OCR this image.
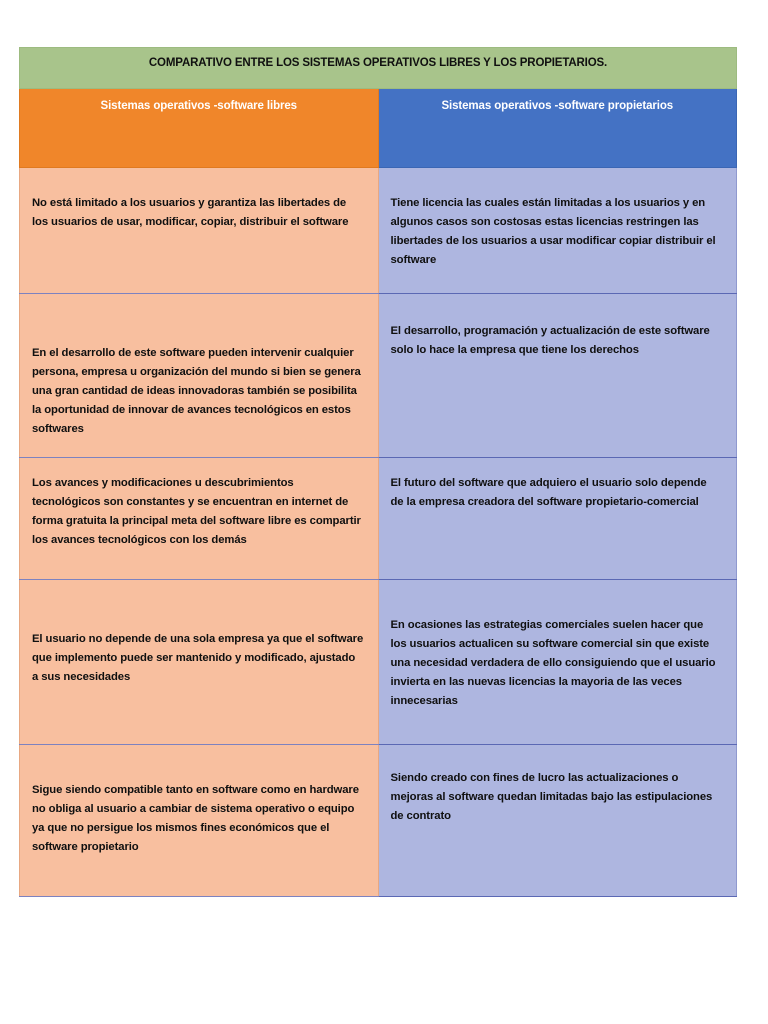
COMPARATIVO ENTRE LOS SISTEMAS OPERATIVOS LIBRES Y LOS PROPIETARIOS.	

Sistemas operativos -software libres	Sistemas operativos -software propietarios

No está limitado a los usuarios y garantiza las libertades de los usuarios de usar, modificar, copiar, distribuir el software	Tiene licencia las cuales están limitadas a los usuarios y en algunos casos son costosas estas licencias restringen las libertades de los usuarios a usar modificar copiar distribuir el software

En el desarrollo de este software pueden intervenir cualquier persona, empresa u organización del mundo si bien se genera una gran cantidad de ideas innovadoras también se posibilita la oportunidad de innovar de avances tecnológicos en estos softwares	El desarrollo, programación y actualización de este software solo lo hace la empresa que tiene los derechos

Los avances y modificaciones u descubrimientos tecnológicos son constantes y se encuentran en internet de forma gratuita la principal meta del software libre es compartir los avances tecnológicos con los demás	El futuro del software que adquiero el usuario solo depende de la empresa creadora del software propietario-comercial

El usuario no depende de una sola empresa ya que el software que implemento puede ser mantenido y modificado, ajustado a sus necesidades	En ocasiones las estrategias comerciales suelen hacer que los usuarios actualicen su software comercial sin que existe una necesidad verdadera de ello consiguiendo que el usuario invierta en las nuevas licencias la mayoria de las veces innecesarias

Sigue siendo compatible tanto en software como en hardware no obliga al usuario a cambiar de sistema operativo o equipo ya que no persigue los mismos fines económicos que el software propietario	Siendo creado con fines de lucro las actualizaciones o mejoras al software quedan limitadas bajo las estipulaciones de contrato
